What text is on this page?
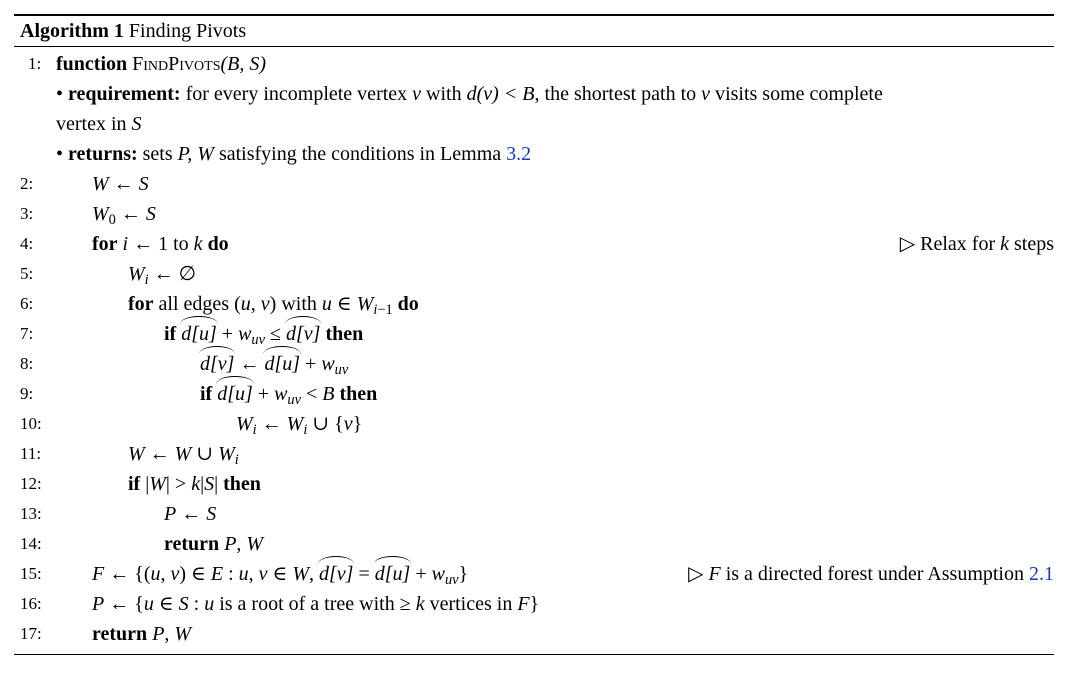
Algorithm 1 Finding Pivots
1: function FindPivots(B, S)
• requirement: for every incomplete vertex v with d(v) < B, the shortest path to v visits some complete
vertex in S
• returns: sets P, W satisfying the conditions in Lemma 3.2
2:	W ← S
3:	$W_0$ ← S
4:	for i ← 1 to k do	▷ Relax for k steps
5:	$W_i$ ← ∅
6:	for all edges (u, v) with u ∈ $W_{i-1}$ do
7:	if $d[u] + w_{uv} \le d[v]$ then
8:	d[v] ← $d[u] + w_{uv}$
9:	if $d[u] + w_{uv} < B$ then
10:	$W_i$ ← $W_i$ ∪ {v}
11:	W ← W ∪ $W_i$
12:	if |W| > k|S| then
13:	P ← S
14:	return P, W
15:	F ← {(u, v) ∈ E : u, v ∈ W, $d[v] = d[u] + w_{uv}$}	▷ F is a directed forest under Assumption 2.1
16:	P ← {u ∈ S : u is a root of a tree with ≥ k vertices in F}
17:	return P, W
